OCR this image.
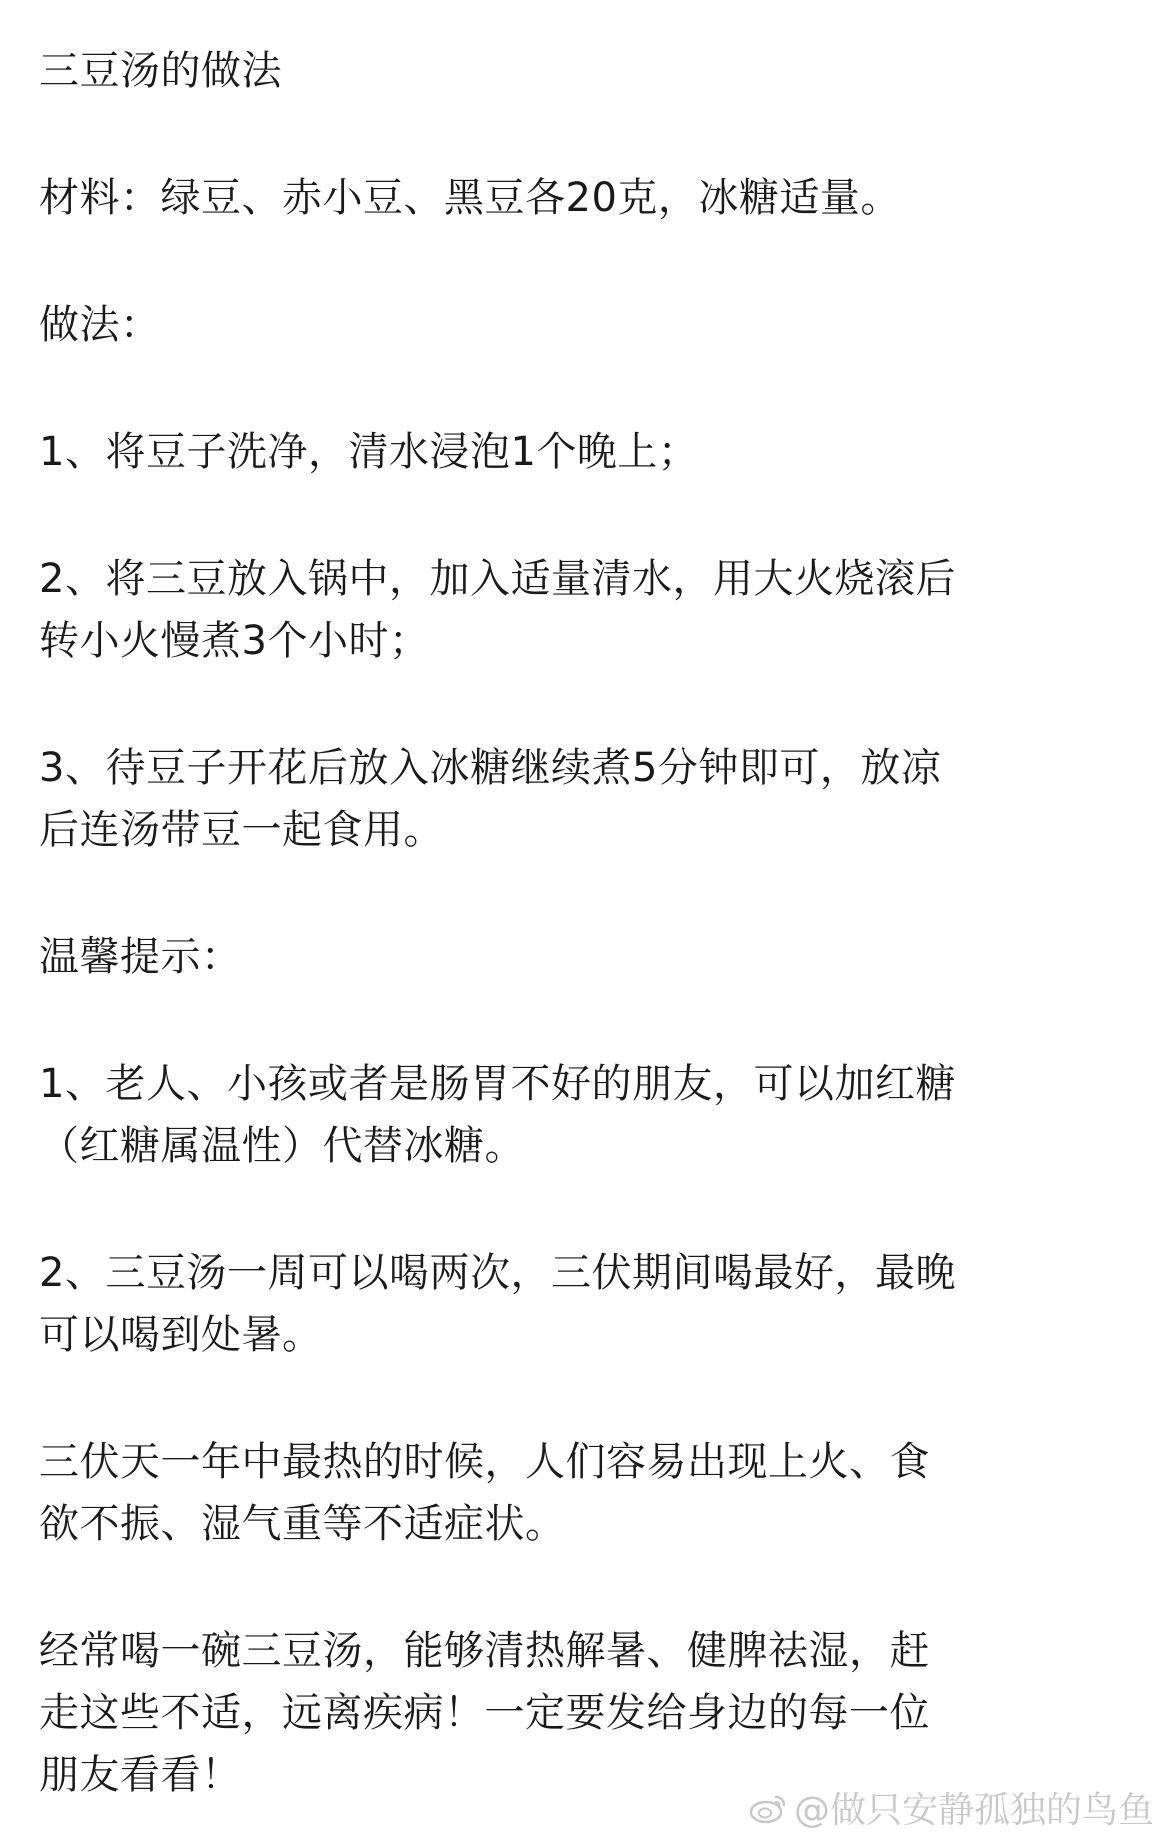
三豆汤的做法

材料：绿豆、赤小豆、黑豆各20克，冰糖适量。

做法：

1、将豆子洗净，清水浸泡1个晚上；

2、将三豆放入锅中，加入适量清水，用大火烧滚后
转小火慢煮3个小时；

3、待豆子开花后放入冰糖继续煮5分钟即可，放凉
后连汤带豆一起食用。

温馨提示：

1、老人、小孩或者是肠胃不好的朋友，可以加红糖
（红糖属温性）代替冰糖。

2、三豆汤一周可以喝两次，三伏期间喝最好，最晚
可以喝到处暑。

三伏天一年中最热的时候，人们容易出现上火、食
欲不振、湿气重等不适症状。

经常喝一碗三豆汤，能够清热解暑、健脾祛湿，赶
走这些不适，远离疾病！一定要发给身边的每一位
朋友看看！

@做只安静孤独的鸟鱼
